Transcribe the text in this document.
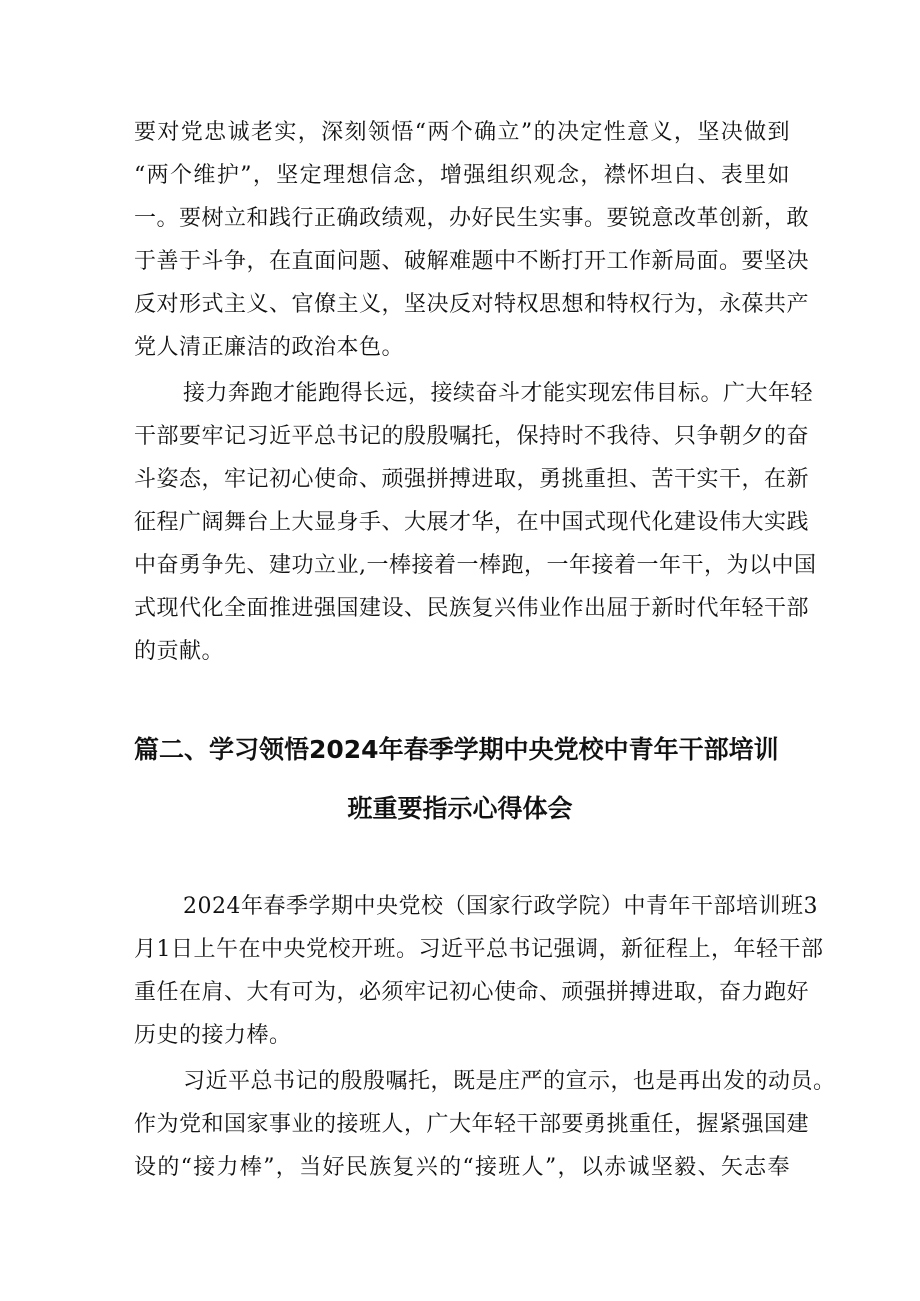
要对党忠诚老实，深刻领悟“两个确立”的决定性意义，坚决做到
“两个维护”，坚定理想信念，增强组织观念，襟怀坦白、表里如
一。要树立和践行正确政绩观，办好民生实事。要锐意改革创新，敢
于善于斗争，在直面问题、破解难题中不断打开工作新局面。要坚决
反对形式主义、官僚主义，坚决反对特权思想和特权行为，永葆共产
党人清正廉洁的政治本色。
接力奔跑才能跑得长远，接续奋斗才能实现宏伟目标。广大年轻
干部要牢记习近平总书记的殷殷嘱托，保持时不我待、只争朝夕的奋
斗姿态，牢记初心使命、顽强拼搏进取，勇挑重担、苦干实干，在新
征程广阔舞台上大显身手、大展才华，在中国式现代化建设伟大实践
中奋勇争先、建功立业,一棒接着一棒跑，一年接着一年干，为以中国
式现代化全面推进强国建设、民族复兴伟业作出屈于新时代年轻干部
的贡献。
篇二、学习领悟2024年春季学期中央党校中青年干部培训
班重要指示心得体会
2024年春季学期中央党校（国家行政学院）中青年干部培训班3
月1日上午在中央党校开班。习近平总书记强调，新征程上，年轻干部
重任在肩、大有可为，必须牢记初心使命、顽强拼搏进取，奋力跑好
历史的接力棒。
习近平总书记的殷殷嘱托，既是庄严的宣示，也是再出发的动员。
作为党和国家事业的接班人，广大年轻干部要勇挑重任，握紧强国建
设的“接力棒”，当好民族复兴的“接班人”，以赤诚坚毅、矢志奉
